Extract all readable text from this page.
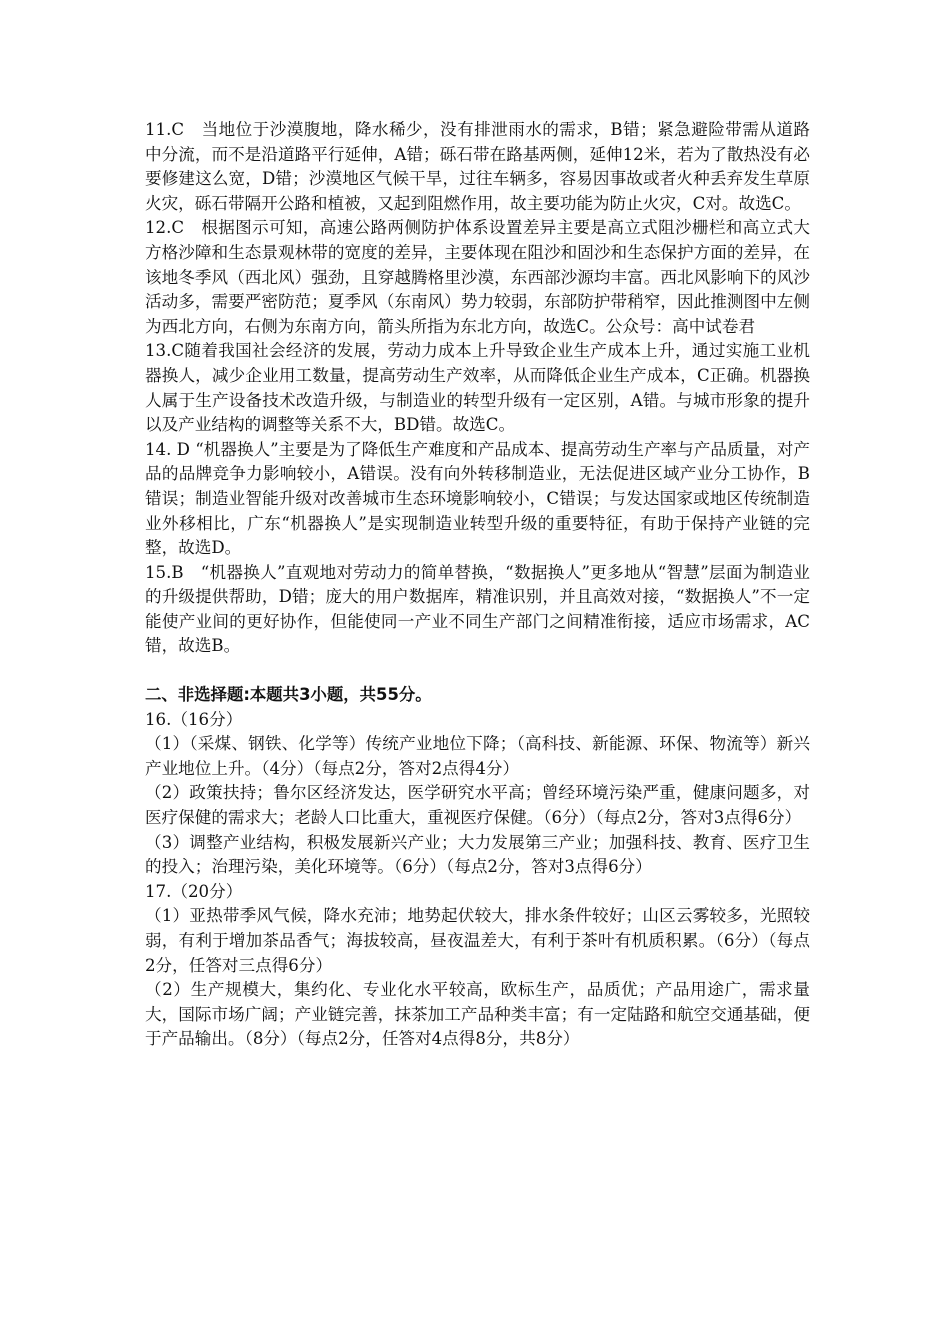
11.C　当地位于沙漠腹地，降水稀少，没有排泄雨水的需求，B错；紧急避险带需从道路中分流，而不是沿道路平行延伸，A错；砾石带在路基两侧，延伸12米，若为了散热没有必要修建这么宽，D错；沙漠地区气候干旱，过往车辆多，容易因事故或者火种丢弃发生草原火灾，砾石带隔开公路和植被，又起到阻燃作用，故主要功能为防止火灾，C对。故选C。

12.C　根据图示可知，高速公路两侧防护体系设置差异主要是高立式阻沙栅栏和高立式大方格沙障和生态景观林带的宽度的差异，主要体现在阻沙和固沙和生态保护方面的差异，在该地冬季风（西北风）强劲，且穿越腾格里沙漠，东西部沙源均丰富。西北风影响下的风沙活动多，需要严密防范；夏季风（东南风）势力较弱，东部防护带稍窄，因此推测图中左侧为西北方向，右侧为东南方向，箭头所指为东北方向，故选C。公众号：高中试卷君

13.C随着我国社会经济的发展，劳动力成本上升导致企业生产成本上升，通过实施工业机器换人，减少企业用工数量，提高劳动生产效率，从而降低企业生产成本，C正确。机器换人属于生产设备技术改造升级，与制造业的转型升级有一定区别，A错。与城市形象的提升以及产业结构的调整等关系不大，BD错。故选C。

14. D “机器换人”主要是为了降低生产难度和产品成本、提高劳动生产率与产品质量，对产品的品牌竞争力影响较小，A错误。没有向外转移制造业，无法促进区域产业分工协作，B错误；制造业智能升级对改善城市生态环境影响较小，C错误；与发达国家或地区传统制造业外移相比，广东“机器换人”是实现制造业转型升级的重要特征，有助于保持产业链的完整，故选D。

15.B　“机器换人”直观地对劳动力的简单替换，“数据换人”更多地从“智慧”层面为制造业的升级提供帮助，D错；庞大的用户数据库，精准识别，并且高效对接，“数据换人”不一定能使产业间的更好协作，但能使同一产业不同生产部门之间精准衔接，适应市场需求，AC错，故选B。

二、非选择题:本题共3小题，共55分。

16.（16分）

（1）（采煤、钢铁、化学等）传统产业地位下降；（高科技、新能源、环保、物流等）新兴产业地位上升。（4分）（每点2分，答对2点得4分）

（2）政策扶持；鲁尔区经济发达，医学研究水平高；曾经环境污染严重，健康问题多，对医疗保健的需求大；老龄人口比重大，重视医疗保健。（6分）（每点2分，答对3点得6分）

（3）调整产业结构，积极发展新兴产业；大力发展第三产业；加强科技、教育、医疗卫生的投入；治理污染，美化环境等。（6分）（每点2分，答对3点得6分）

17.（20分）

（1）亚热带季风气候，降水充沛；地势起伏较大，排水条件较好；山区云雾较多，光照较弱，有利于增加茶品香气；海拔较高，昼夜温差大，有利于茶叶有机质积累。（6分）（每点2分，任答对三点得6分）

（2）生产规模大，集约化、专业化水平较高，欧标生产，品质优；产品用途广，需求量大，国际市场广阔；产业链完善，抹茶加工产品种类丰富；有一定陆路和航空交通基础，便于产品输出。（8分）（每点2分，任答对4点得8分，共8分）
